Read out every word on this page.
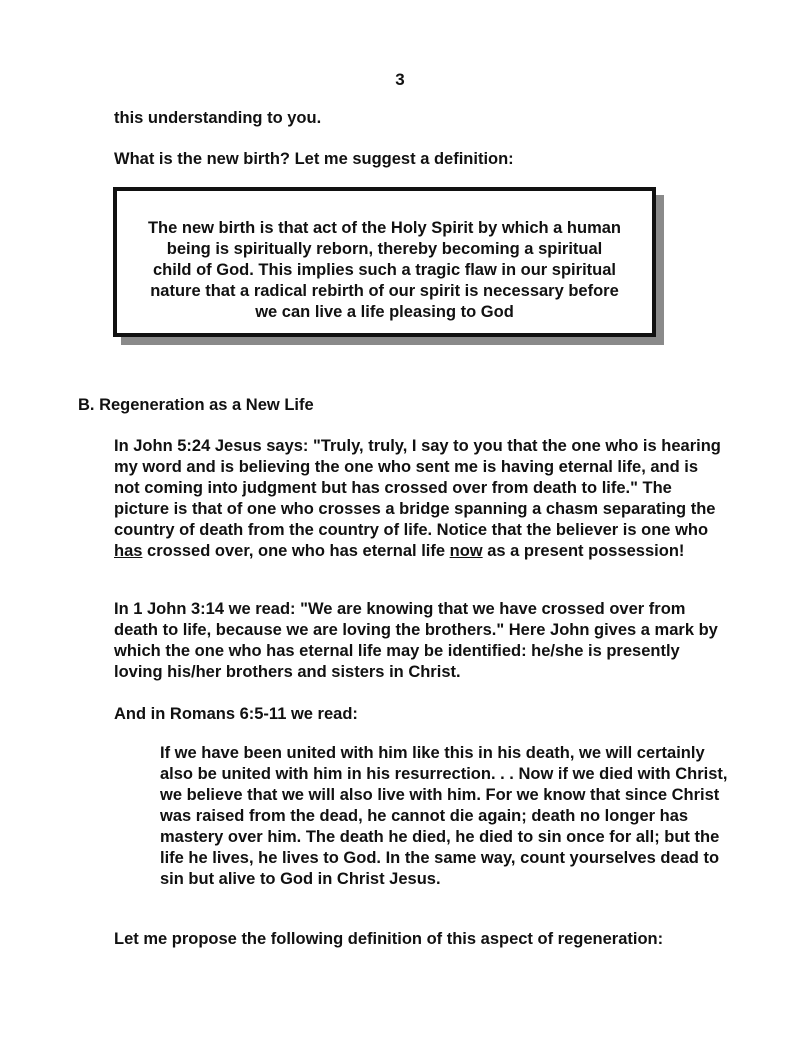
3

this understanding to you.

What is the new birth? Let me suggest a definition:

The new birth is that act of the Holy Spirit by which a human being is spiritually reborn, thereby becoming a spiritual child of God. This implies such a tragic flaw in our spiritual nature that a radical rebirth of our spirit is necessary before we can live a life pleasing to God

B. Regeneration as a New Life

In John 5:24 Jesus says: "Truly, truly, I say to you that the one who is hearing my word and is believing the one who sent me is having eternal life, and is not coming into judgment but has crossed over from death to life." The picture is that of one who crosses a bridge spanning a chasm separating the country of death from the country of life. Notice that the believer is one who has crossed over, one who has eternal life now as a present possession!

In 1 John 3:14 we read: "We are knowing that we have crossed over from death to life, because we are loving the brothers." Here John gives a mark by which the one who has eternal life may be identified: he/she is presently loving his/her brothers and sisters in Christ.

And in Romans 6:5-11 we read:

If we have been united with him like this in his death, we will certainly also be united with him in his resurrection. . . Now if we died with Christ, we believe that we will also live with him. For we know that since Christ was raised from the dead, he cannot die again; death no longer has mastery over him. The death he died, he died to sin once for all; but the life he lives, he lives to God. In the same way, count yourselves dead to sin but alive to God in Christ Jesus.

Let me propose the following definition of this aspect of regeneration:
